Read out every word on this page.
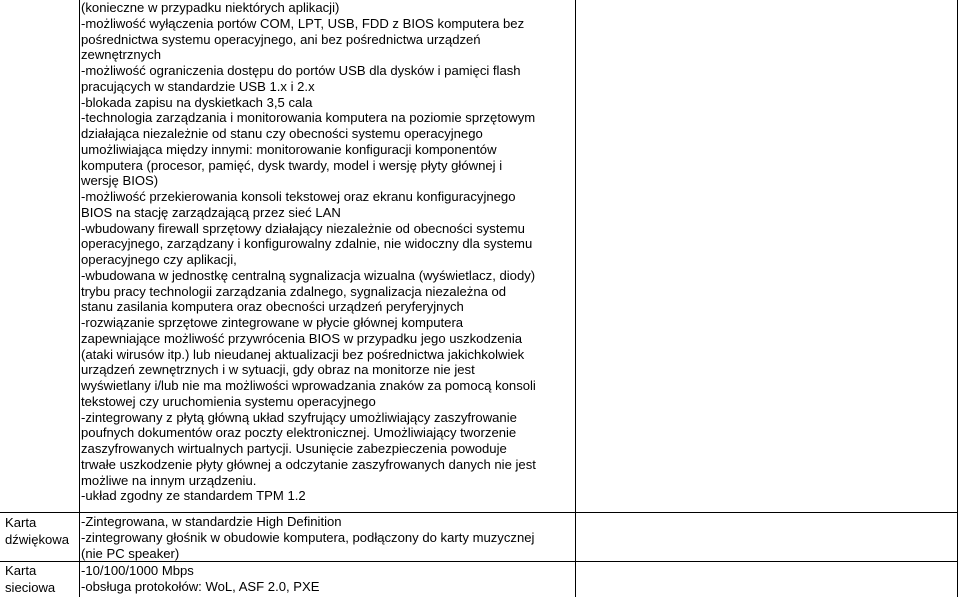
(konieczne w przypadku niektórych aplikacji)
-możliwość wyłączenia portów COM, LPT, USB, FDD z BIOS komputera bez
pośrednictwa systemu operacyjnego, ani bez pośrednictwa urządzeń
zewnętrznych
-możliwość ograniczenia dostępu do portów USB dla dysków i pamięci flash
pracujących w standardzie USB 1.x i 2.x
-blokada zapisu na dyskietkach 3,5 cala
-technologia zarządzania i monitorowania komputera na poziomie sprzętowym
działająca niezależnie od stanu czy obecności systemu operacyjnego
umożliwiająca między innymi: monitorowanie konfiguracji komponentów
komputera (procesor, pamięć, dysk twardy, model i wersję płyty głównej i
wersję BIOS)
-możliwość przekierowania konsoli tekstowej oraz ekranu konfiguracyjnego
BIOS na stację zarządzającą przez sieć LAN
-wbudowany firewall sprzętowy działający niezależnie od obecności systemu
operacyjnego, zarządzany i konfigurowalny zdalnie, nie widoczny dla systemu
operacyjnego czy aplikacji,
-wbudowana w jednostkę centralną sygnalizacja wizualna (wyświetlacz, diody)
trybu pracy technologii zarządzania zdalnego, sygnalizacja niezależna od
stanu zasilania komputera oraz obecności urządzeń peryferyjnych
-rozwiązanie sprzętowe zintegrowane w płycie głównej komputera
zapewniające możliwość przywrócenia BIOS w przypadku jego uszkodzenia
(ataki wirusów itp.) lub nieudanej aktualizacji bez pośrednictwa jakichkolwiek
urządzeń zewnętrznych i w sytuacji, gdy obraz na monitorze nie jest
wyświetlany i/lub nie ma możliwości wprowadzania znaków za pomocą konsoli
tekstowej czy uruchomienia systemu operacyjnego
-zintegrowany z płytą główną układ szyfrujący umożliwiający zaszyfrowanie
poufnych dokumentów oraz poczty elektronicznej. Umożliwiający tworzenie
zaszyfrowanych wirtualnych partycji. Usunięcie zabezpieczenia powoduje
trwałe uszkodzenie płyty głównej a odczytanie zaszyfrowanych danych nie jest
możliwe na innym urządzeniu.
-układ zgodny ze standardem TPM 1.2
Karta
dźwiękowa
-Zintegrowana, w standardzie High Definition
-zintegrowany głośnik w obudowie komputera, podłączony do karty muzycznej
(nie PC speaker)
Karta
sieciowa
-10/100/1000 Mbps
-obsługa protokołów: WoL, ASF 2.0, PXE
